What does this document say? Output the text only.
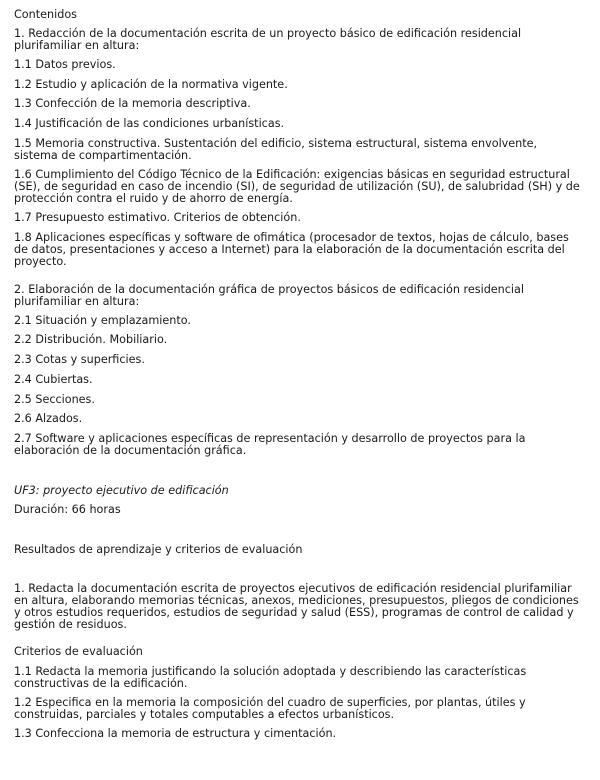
Contenidos

1. Redacción de la documentación escrita de un proyecto básico de edificación residencial plurifamiliar en altura:

1.1 Datos previos.

1.2 Estudio y aplicación de la normativa vigente.

1.3 Confección de la memoria descriptiva.

1.4 Justificación de las condiciones urbanísticas.

1.5 Memoria constructiva. Sustentación del edificio, sistema estructural, sistema envolvente, sistema de compartimentación.

1.6 Cumplimiento del Código Técnico de la Edificación: exigencias básicas en seguridad estructural (SE), de seguridad en caso de incendio (SI), de seguridad de utilización (SU), de salubridad (SH) y de protección contra el ruido y de ahorro de energía.

1.7 Presupuesto estimativo. Criterios de obtención.

1.8 Aplicaciones específicas y software de ofimática (procesador de textos, hojas de cálculo, bases de datos, presentaciones y acceso a Internet) para la elaboración de la documentación escrita del proyecto.

2. Elaboración de la documentación gráfica de proyectos básicos de edificación residencial plurifamiliar en altura:

2.1 Situación y emplazamiento.

2.2 Distribución. Mobiliario.

2.3 Cotas y superficies.

2.4 Cubiertas.

2.5 Secciones.

2.6 Alzados.

2.7 Software y aplicaciones específicas de representación y desarrollo de proyectos para la elaboración de la documentación gráfica.

UF3: proyecto ejecutivo de edificación

Duración: 66 horas

Resultados de aprendizaje y criterios de evaluación

1. Redacta la documentación escrita de proyectos ejecutivos de edificación residencial plurifamiliar en altura, elaborando memorias técnicas, anexos, mediciones, presupuestos, pliegos de condiciones y otros estudios requeridos, estudios de seguridad y salud (ESS), programas de control de calidad y gestión de residuos.

Criterios de evaluación

1.1 Redacta la memoria justificando la solución adoptada y describiendo las características constructivas de la edificación.

1.2 Especifica en la memoria la composición del cuadro de superficies, por plantas, útiles y construidas, parciales y totales computables a efectos urbanísticos.

1.3 Confecciona la memoria de estructura y cimentación.
